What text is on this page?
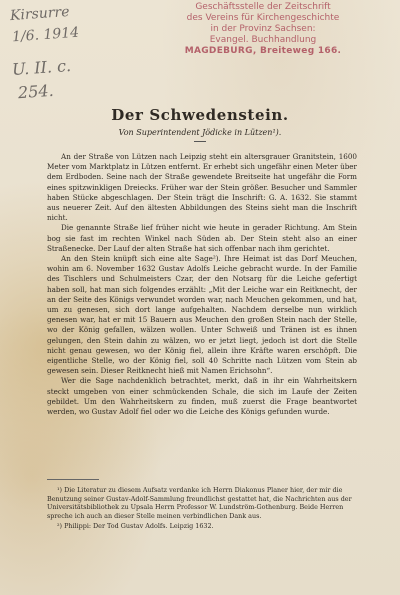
Kirsurre
1/6. 1914
U. II. c.
254.
Geschäftsstelle der Zeitschrift
des Vereins für Kirchengeschichte
in der Provinz Sachsen:
Evangel. Buchhandlung
MAGDEBURG, Breiteweg 166.
Der Schwedenstein.
Von Superintendent Jödicke in Lützen¹).

An der Straße von Lützen nach Leipzig steht ein altersgrauer Granitstein, 1600 Meter vom Marktplatz in Lützen entfernt. Er erhebt sich ungefähr einen Meter über dem Erdboden. Seine nach der Straße gewendete Breitseite hat ungefähr die Form eines spitzwinkligen Dreiecks. Früher war der Stein größer. Besucher und Sammler haben Stücke abgeschlagen. Der Stein trägt die Inschrift: G. A. 1632. Sie stammt aus neuerer Zeit. Auf den ältesten Abbildungen des Steins sieht man die Inschrift nicht.

Die genannte Straße lief früher nicht wie heute in gerader Richtung. Am Stein bog sie fast im rechten Winkel nach Süden ab. Der Stein steht also an einer Straßenecke. Der Lauf der alten Straße hat sich offenbar nach ihm gerichtet.

An den Stein knüpft sich eine alte Sage²). Ihre Heimat ist das Dorf Meuchen, wohin am 6. November 1632 Gustav Adolfs Leiche gebracht wurde. In der Familie des Tischlers und Schulmeisters Czar, der den Notsarg für die Leiche gefertigt haben soll, hat man sich folgendes erzählt: „Mit der Leiche war ein Reitknecht, der an der Seite des Königs verwundet worden war, nach Meuchen gekommen, und hat, um zu genesen, sich dort lange aufgehalten. Nachdem derselbe nun wirklich genesen war, hat er mit 15 Bauern aus Meuchen den großen Stein nach der Stelle, wo der König gefallen, wälzen wollen. Unter Schweiß und Tränen ist es ihnen gelungen, den Stein dahin zu wälzen, wo er jetzt liegt, jedoch ist dort die Stelle nicht genau gewesen, wo der König fiel, allein ihre Kräfte waren erschöpft. Die eigentliche Stelle, wo der König fiel, soll 40 Schritte nach Lützen vom Stein ab gewesen sein. Dieser Reitknecht hieß mit Namen Erichsohn“.

Wer die Sage nachdenklich betrachtet, merkt, daß in ihr ein Wahrheitskern steckt umgeben von einer schmückenden Schale, die sich im Laufe der Zeiten gebildet. Um den Wahrheitskern zu finden, muß zuerst die Frage beantwortet werden, wo Gustav Adolf fiel oder wo die Leiche des Königs gefunden wurde.

¹) Die Literatur zu diesem Aufsatz verdanke ich Herrn Diakonus Planer hier, der mir die Benutzung seiner Gustav-Adolf-Sammlung freundlichst gestattet hat, die Nachrichten aus der Universitätsbibliothek zu Upsala Herrn Professor W. Lundström-Gothenburg. Beide Herren spreche ich auch an dieser Stelle meinen verbindlichen Dank aus.

²) Philippi: Der Tod Gustav Adolfs. Leipzig 1632.
